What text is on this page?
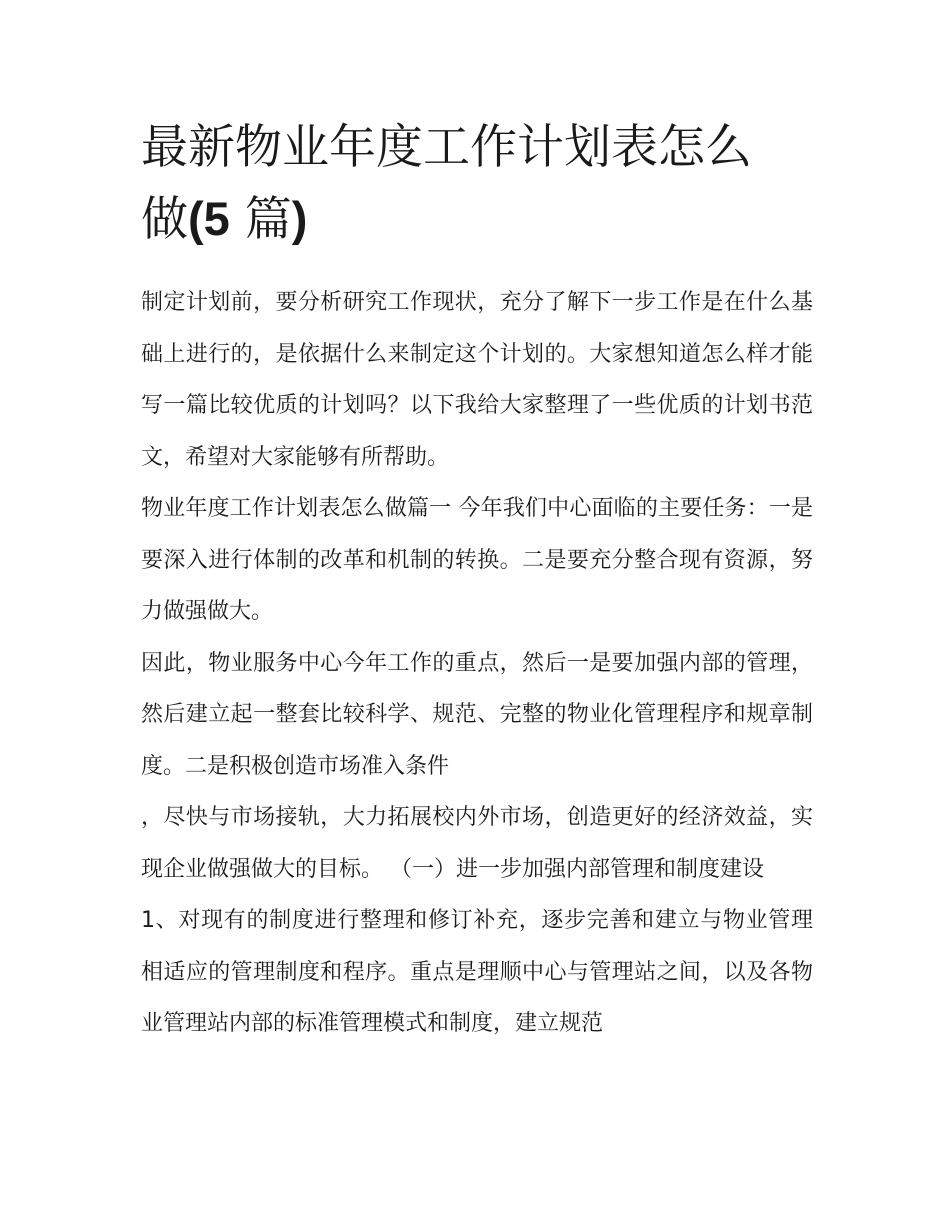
最新物业年度工作计划表怎么
做(5 篇)

制定计划前，要分析研究工作现状，充分了解下一步工作是在什么基础上进行的，是依据什么来制定这个计划的。大家想知道怎么样才能写一篇比较优质的计划吗？以下我给大家整理了一些优质的计划书范文，希望对大家能够有所帮助。

物业年度工作计划表怎么做篇一 今年我们中心面临的主要任务：一是要深入进行体制的改革和机制的转换。二是要充分整合现有资源，努力做强做大。

因此，物业服务中心今年工作的重点，然后一是要加强内部的管理，然后建立起一整套比较科学、规范、完整的物业化管理程序和规章制度。二是积极创造市场准入条件

，尽快与市场接轨，大力拓展校内外市场，创造更好的经济效益，实现企业做强做大的目标。 （一）进一步加强内部管理和制度建设

1、对现有的制度进行整理和修订补充，逐步完善和建立与物业管理相适应的管理制度和程序。重点是理顺中心与管理站之间，以及各物业管理站内部的标准管理模式和制度，建立规范
